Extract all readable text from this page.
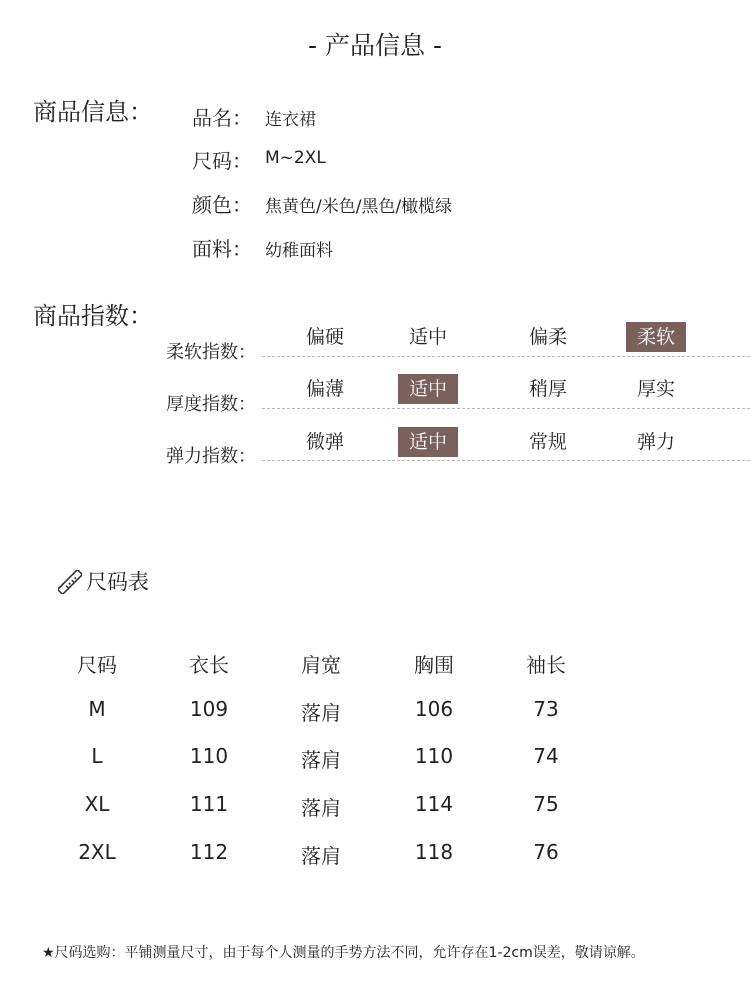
- 产品信息 -
商品信息： 品名： 连衣裙
尺码： M~2XL
颜色： 焦黄色/米色/黑色/橄榄绿
面料： 幼稚面料
商品指数：
柔软指数：
偏硬	适中	偏柔	柔软
厚度指数：
偏薄	适中	稍厚	厚实
弹力指数：
微弹	适中	常规	弹力
尺码表
尺码	衣长	肩宽	胸围	袖长
M	109	落肩	106	73
L	110	落肩	110	74
XL	111	落肩	114	75
2XL	112	落肩	118	76
★尺码选购：平铺测量尺寸，由于每个人测量的手势方法不同，允许存在1-2cm误差，敬请谅解。
